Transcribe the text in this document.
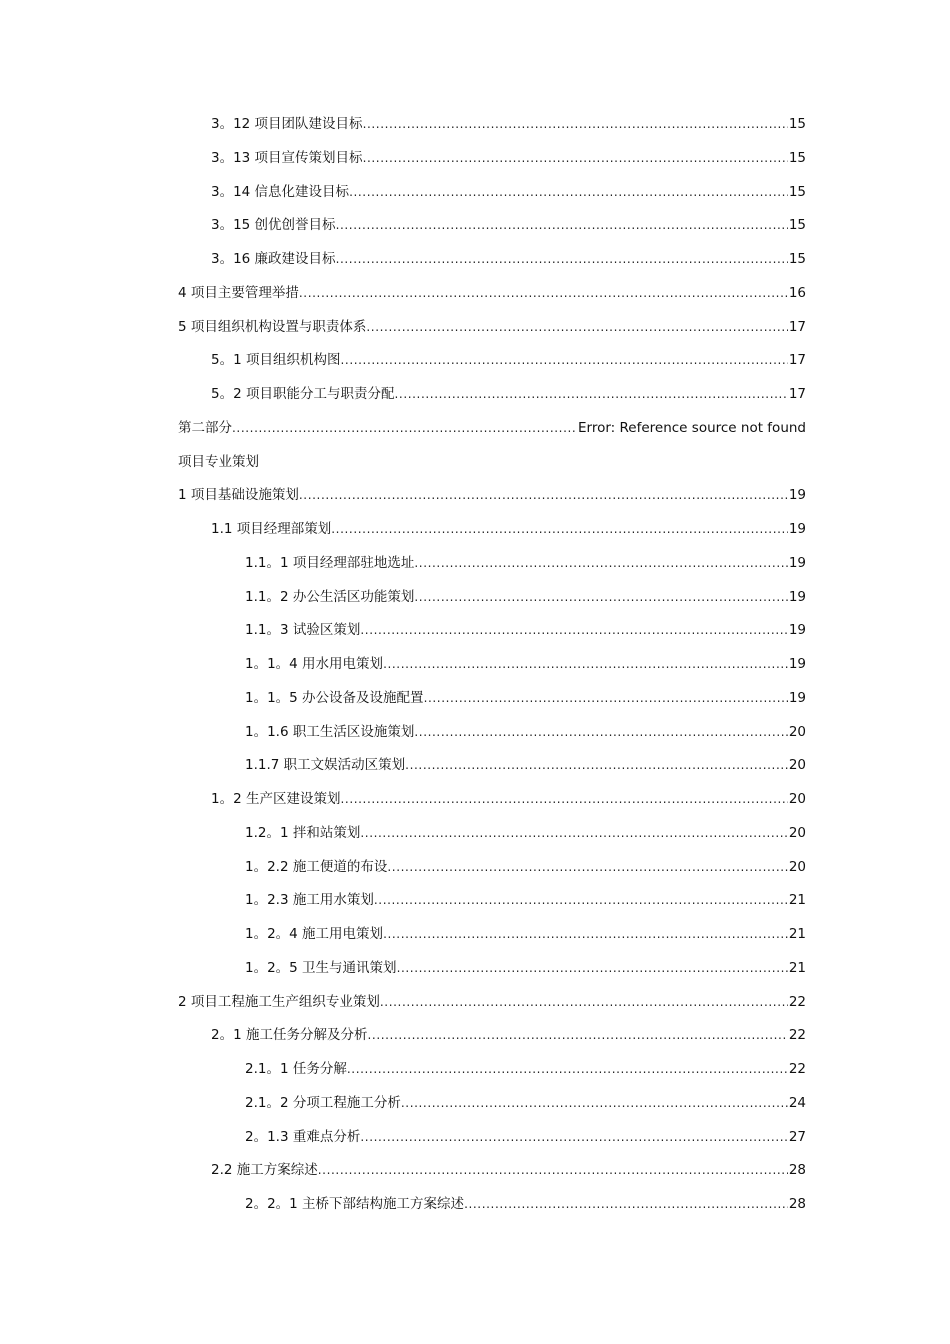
3。12 项目团队建设目标 .....	15
3。13 项目宣传策划目标 .....	15
3。14 信息化建设目标 .....	15
3。15 创优创誉目标 .....	15
3。16 廉政建设目标 .....	15
4 项目主要管理举措 .....	16
5 项目组织机构设置与职责体系 .....	17
5。1 项目组织机构图 .....	17
5。2 项目职能分工与职责分配 .....	17
第二部分 .....	Error: Reference source not found
项目专业策划
1 项目基础设施策划 .....	19
1.1 项目经理部策划 .....	19
1.1。1 项目经理部驻地选址 .....	19
1.1。2 办公生活区功能策划 .....	19
1.1。3 试验区策划 .....	19
1。1。4 用水用电策划 .....	19
1。1。5 办公设备及设施配置 .....	19
1。1.6 职工生活区设施策划 .....	20
1.1.7 职工文娱活动区策划 .....	20
1。2 生产区建设策划 .....	20
1.2。1 拌和站策划 .....	20
1。2.2 施工便道的布设 .....	20
1。2.3 施工用水策划 .....	21
1。2。4 施工用电策划 .....	21
1。2。5 卫生与通讯策划 .....	21
2 项目工程施工生产组织专业策划 .....	22
2。1 施工任务分解及分析 .....	22
2.1。1 任务分解 .....	22
2.1。2 分项工程施工分析 .....	24
2。1.3 重难点分析 .....	27
2.2 施工方案综述 .....	28
2。2。1 主桥下部结构施工方案综述 .....	28
